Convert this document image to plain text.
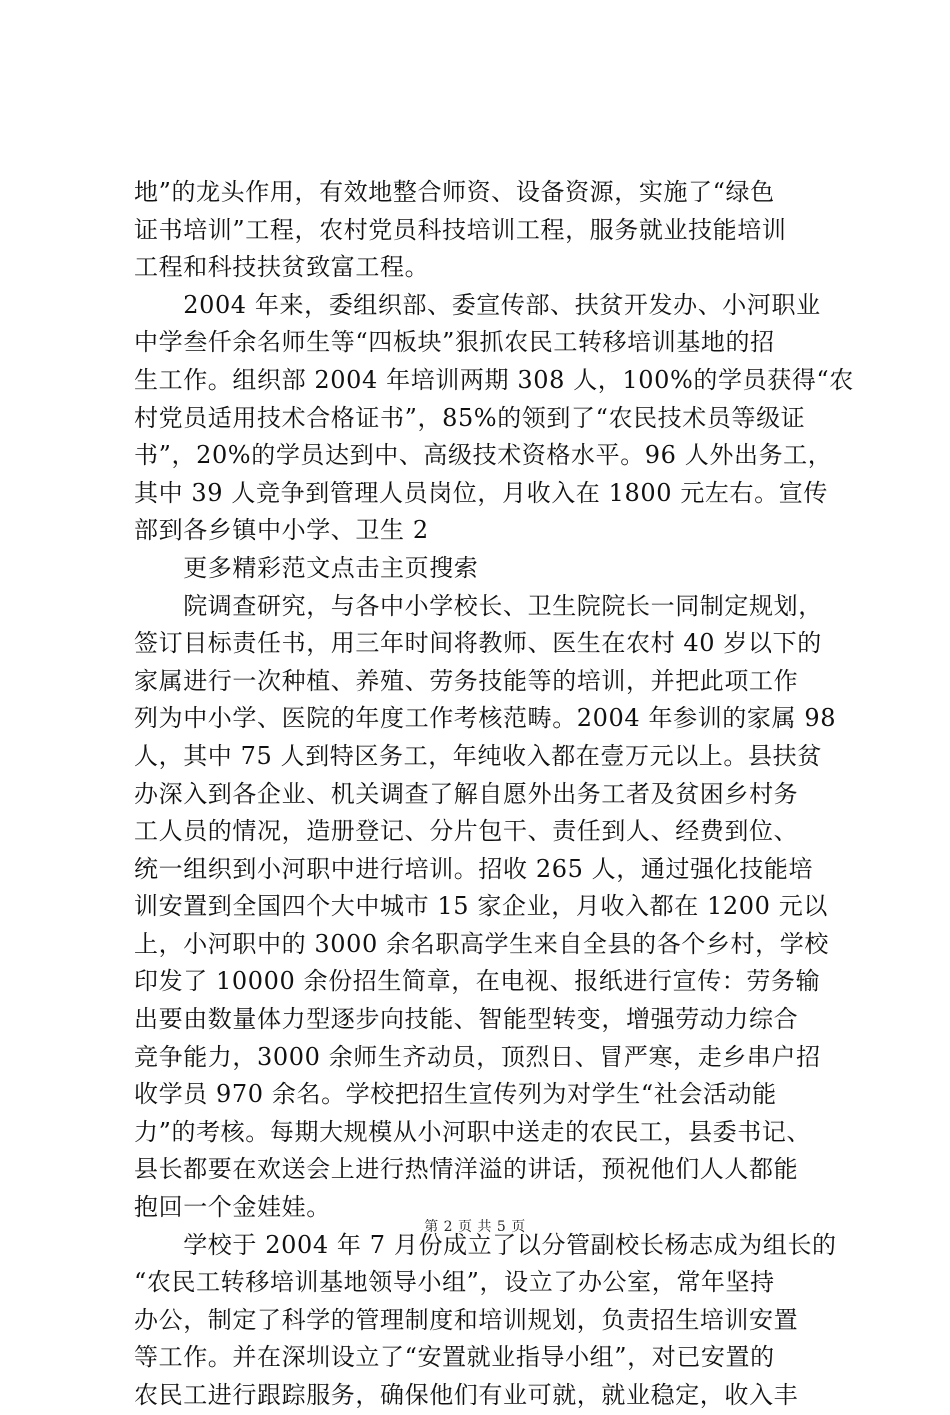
地”的龙头作用，有效地整合师资、设备资源，实施了“绿色
证书培训”工程，农村党员科技培训工程，服务就业技能培训
工程和科技扶贫致富工程。
　　2004 年来，委组织部、委宣传部、扶贫开发办、小河职业
中学叁仟余名师生等“四板块”狠抓农民工转移培训基地的招
生工作。组织部 2004 年培训两期 308 人，100%的学员获得“农
村党员适用技术合格证书”，85%的领到了“农民技术员等级证
书”，20%的学员达到中、高级技术资格水平。96 人外出务工，
其中 39 人竞争到管理人员岗位，月收入在 1800 元左右。宣传
部到各乡镇中小学、卫生 2
　　更多精彩范文点击主页搜索
　　院调查研究，与各中小学校长、卫生院院长一同制定规划，
签订目标责任书，用三年时间将教师、医生在农村 40 岁以下的
家属进行一次种植、养殖、劳务技能等的培训，并把此项工作
列为中小学、医院的年度工作考核范畴。2004 年参训的家属 98
人，其中 75 人到特区务工，年纯收入都在壹万元以上。县扶贫
办深入到各企业、机关调查了解自愿外出务工者及贫困乡村务
工人员的情况，造册登记、分片包干、责任到人、经费到位、
统一组织到小河职中进行培训。招收 265 人，通过强化技能培
训安置到全国四个大中城市 15 家企业，月收入都在 1200 元以
上，小河职中的 3000 余名职高学生来自全县的各个乡村，学校
印发了 10000 余份招生简章，在电视、报纸进行宣传：劳务输
出要由数量体力型逐步向技能、智能型转变，增强劳动力综合
竞争能力，3000 余师生齐动员，顶烈日、冒严寒，走乡串户招
收学员 970 余名。学校把招生宣传列为对学生“社会活动能
力”的考核。每期大规模从小河职中送走的农民工，县委书记、
县长都要在欢送会上进行热情洋溢的讲话，预祝他们人人都能
抱回一个金娃娃。
　　学校于 2004 年 7 月份成立了以分管副校长杨志成为组长的
“农民工转移培训基地领导小组”，设立了办公室，常年坚持
办公，制定了科学的管理制度和培训规划，负责招生培训安置
等工作。并在深圳设立了“安置就业指导小组”，对已安置的
农民工进行跟踪服务，确保他们有业可就，就业稳定，收入丰
第 2 页 共 5 页
